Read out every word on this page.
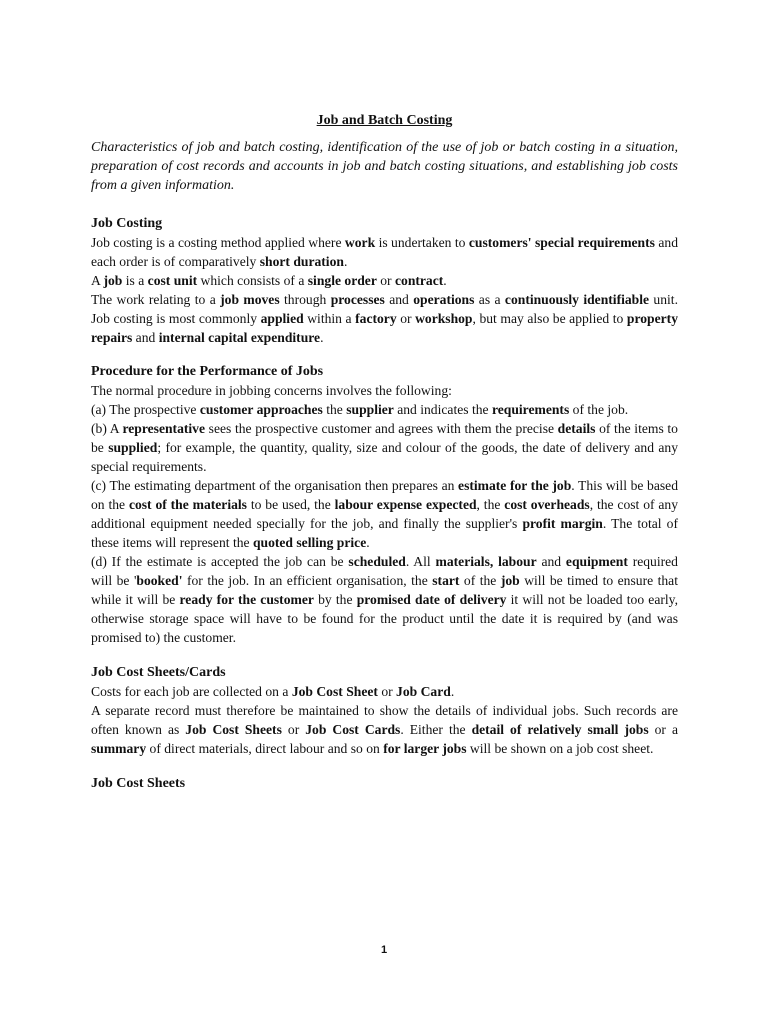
Job and Batch Costing

Characteristics of job and batch costing, identification of the use of job or batch costing in a situation, preparation of cost records and accounts in job and batch costing situations, and establishing job costs from a given information.

Job Costing

Job costing is a costing method applied where work is undertaken to customers' special requirements and each order is of comparatively short duration.

A job is a cost unit which consists of a single order or contract.

The work relating to a job moves through processes and operations as a continuously identifiable unit. Job costing is most commonly applied within a factory or workshop, but may also be applied to property repairs and internal capital expenditure.

Procedure for the Performance of Jobs

The normal procedure in jobbing concerns involves the following:

(a) The prospective customer approaches the supplier and indicates the requirements of the job.

(b) A representative sees the prospective customer and agrees with them the precise details of the items to be supplied; for example, the quantity, quality, size and colour of the goods, the date of delivery and any special requirements.

(c) The estimating department of the organisation then prepares an estimate for the job. This will be based on the cost of the materials to be used, the labour expense expected, the cost overheads, the cost of any additional equipment needed specially for the job, and finally the supplier's profit margin. The total of these items will represent the quoted selling price.

(d) If the estimate is accepted the job can be scheduled. All materials, labour and equipment required will be 'booked' for the job. In an efficient organisation, the start of the job will be timed to ensure that while it will be ready for the customer by the promised date of delivery it will not be loaded too early, otherwise storage space will have to be found for the product until the date it is required by (and was promised to) the customer.

Job Cost Sheets/Cards

Costs for each job are collected on a Job Cost Sheet or Job Card.

A separate record must therefore be maintained to show the details of individual jobs. Such records are often known as Job Cost Sheets or Job Cost Cards. Either the detail of relatively small jobs or a summary of direct materials, direct labour and so on for larger jobs will be shown on a job cost sheet.

Job Cost Sheets
1
